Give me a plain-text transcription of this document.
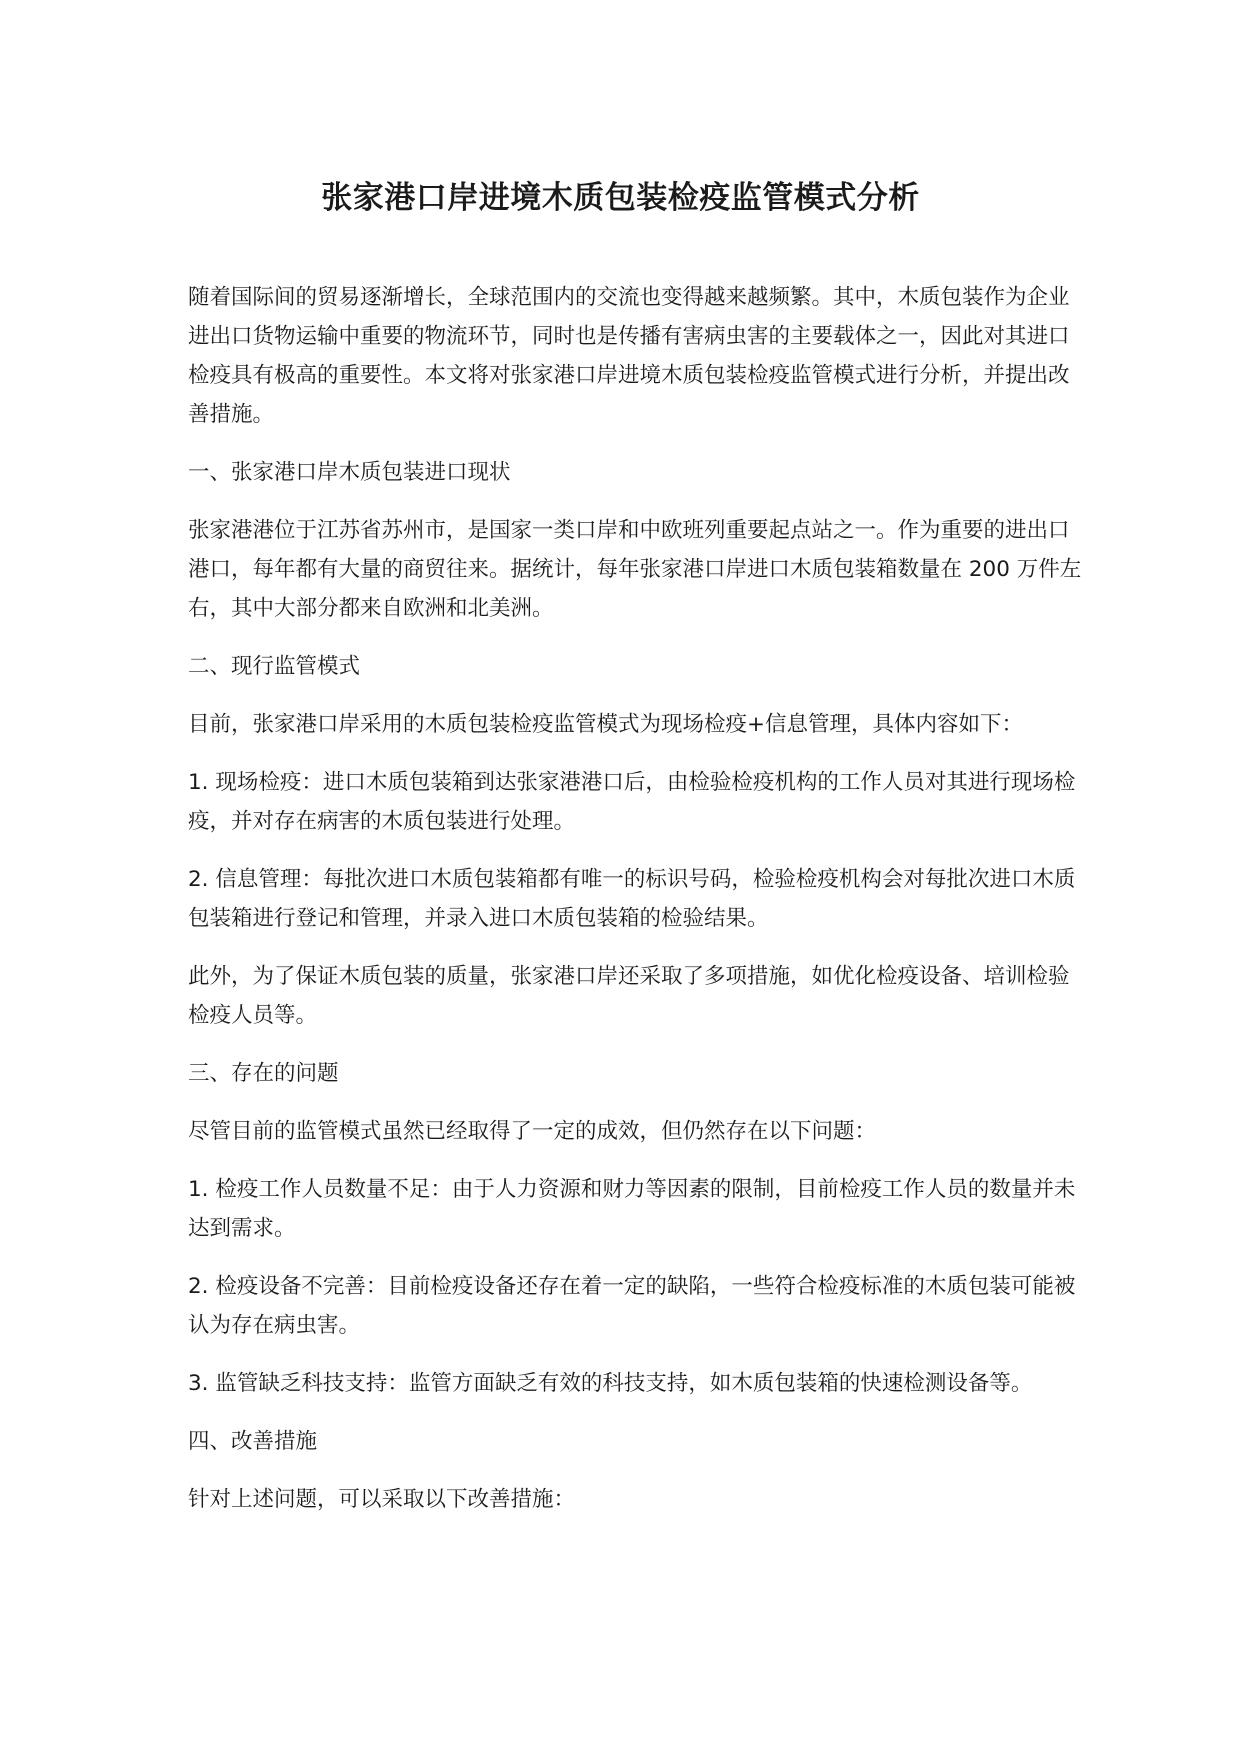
张家港口岸进境木质包装检疫监管模式分析

随着国际间的贸易逐渐增长，全球范围内的交流也变得越来越频繁。其中，木质包装作为企业进出口货物运输中重要的物流环节，同时也是传播有害病虫害的主要载体之一，因此对其进口检疫具有极高的重要性。本文将对张家港口岸进境木质包装检疫监管模式进行分析，并提出改善措施。

一、张家港口岸木质包装进口现状

张家港港位于江苏省苏州市，是国家一类口岸和中欧班列重要起点站之一。作为重要的进出口港口，每年都有大量的商贸往来。据统计，每年张家港口岸进口木质包装箱数量在 200 万件左右，其中大部分都来自欧洲和北美洲。

二、现行监管模式

目前，张家港口岸采用的木质包装检疫监管模式为现场检疫+信息管理，具体内容如下：

1. 现场检疫：进口木质包装箱到达张家港港口后，由检验检疫机构的工作人员对其进行现场检疫，并对存在病害的木质包装进行处理。

2. 信息管理：每批次进口木质包装箱都有唯一的标识号码，检验检疫机构会对每批次进口木质包装箱进行登记和管理，并录入进口木质包装箱的检验结果。

此外，为了保证木质包装的质量，张家港口岸还采取了多项措施，如优化检疫设备、培训检验检疫人员等。

三、存在的问题

尽管目前的监管模式虽然已经取得了一定的成效，但仍然存在以下问题：

1. 检疫工作人员数量不足：由于人力资源和财力等因素的限制，目前检疫工作人员的数量并未达到需求。

2. 检疫设备不完善：目前检疫设备还存在着一定的缺陷，一些符合检疫标准的木质包装可能被认为存在病虫害。

3. 监管缺乏科技支持：监管方面缺乏有效的科技支持，如木质包装箱的快速检测设备等。

四、改善措施

针对上述问题，可以采取以下改善措施：
